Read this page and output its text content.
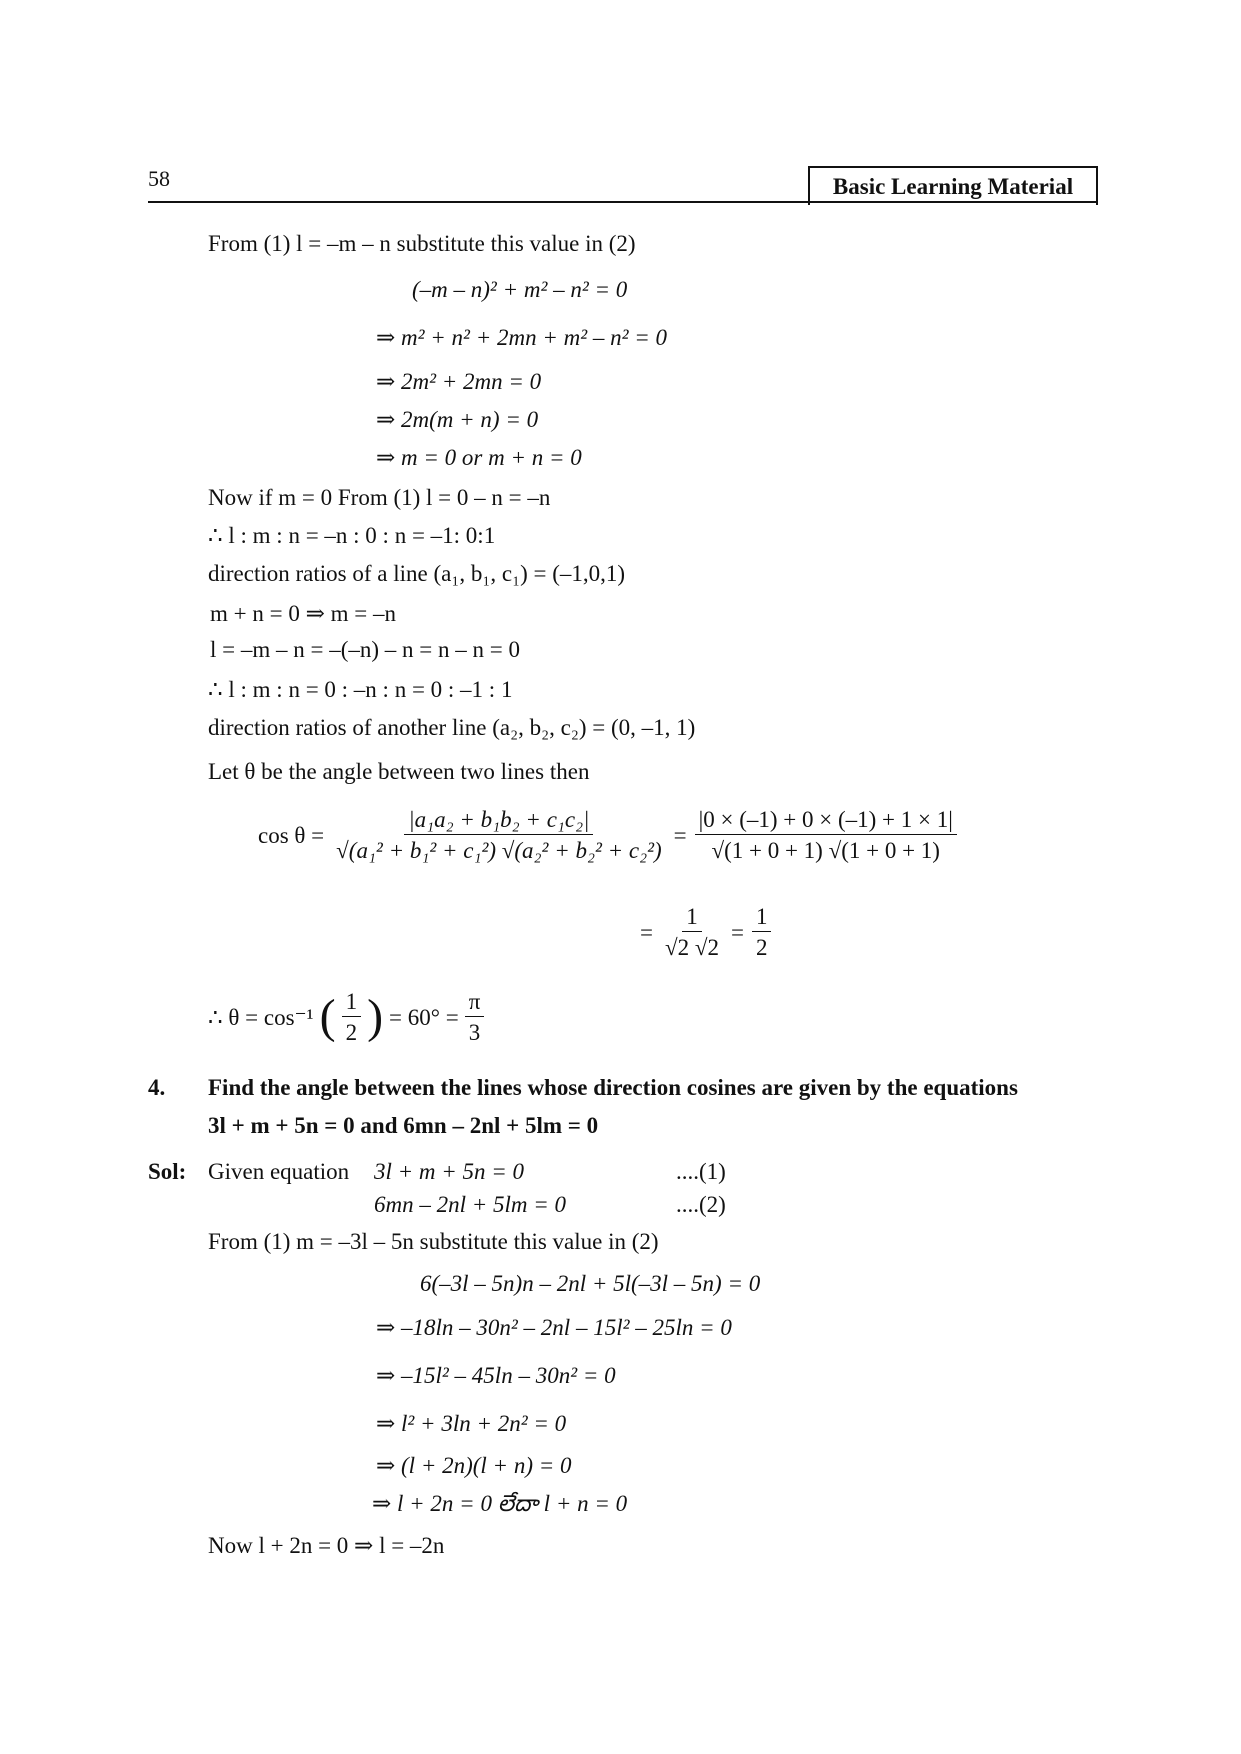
58	Basic Learning Material
From (1) l = –m – n substitute this value in (2)
(–m – n)² + m² – n² = 0
⇒ m² + n² + 2mn + m² – n² = 0
⇒ 2m² + 2mn = 0
⇒ 2m(m + n) = 0
⇒ m = 0 or m + n = 0
Now if m = 0 From (1) l = 0 – n = –n
∴ l : m : n = –n : 0 : n = –1: 0:1
direction ratios of a line (a₁, b₁, c₁) = (–1,0,1)
m + n = 0 ⇒ m = –n
l = –m – n = –(–n) – n = n – n = 0
∴ l : m : n = 0 : –n : n = 0 : –1 : 1
direction ratios of another line (a₂, b₂, c₂) = (0, –1, 1)
Let θ be the angle between two lines then
$\cos \theta = \frac{\text{|a₁a₂ + b₁b₂ + c₁c₂|}}{\text{√(a₁² + b₁² + c₁²) √(a₂² + b₂² + c₂²)}} = \frac{|0 \times (-1) + 0 \times (-1) + 1 \times 1|}{√(1 + 0 + 1) √(1 + 0 + 1)}$
= $\frac{1}{√2 √2} = \frac{1}{2}$
∴ θ = cos⁻¹ ( $\frac{1}{2}$ ) = $60^\circ = \frac{\pi}{3}$
4. Find the angle between the lines whose direction cosines are given by the equations
3l + m + 5n = 0 and 6mn – 2nl + 5lm = 0
Sol: Given equation 3l + m + 5n = 0	....(1)
6mn – 2nl + 5lm = 0	....(2)
From (1) m = –3l – 5n substitute this value in (2)
6(–3l – 5n)n – 2nl + 5l(–3l – 5n) = 0
⇒ –18ln – 30n² – 2nl – 15l² – 25ln = 0
⇒ –15l² – 45ln – 30n² = 0
⇒ l² + 3ln + 2n² = 0
⇒ (l + 2n)(l + n) = 0
⇒ l + 2n = 0 లేదా l + n = 0
Now l + 2n = 0 ⇒ l = –2n
